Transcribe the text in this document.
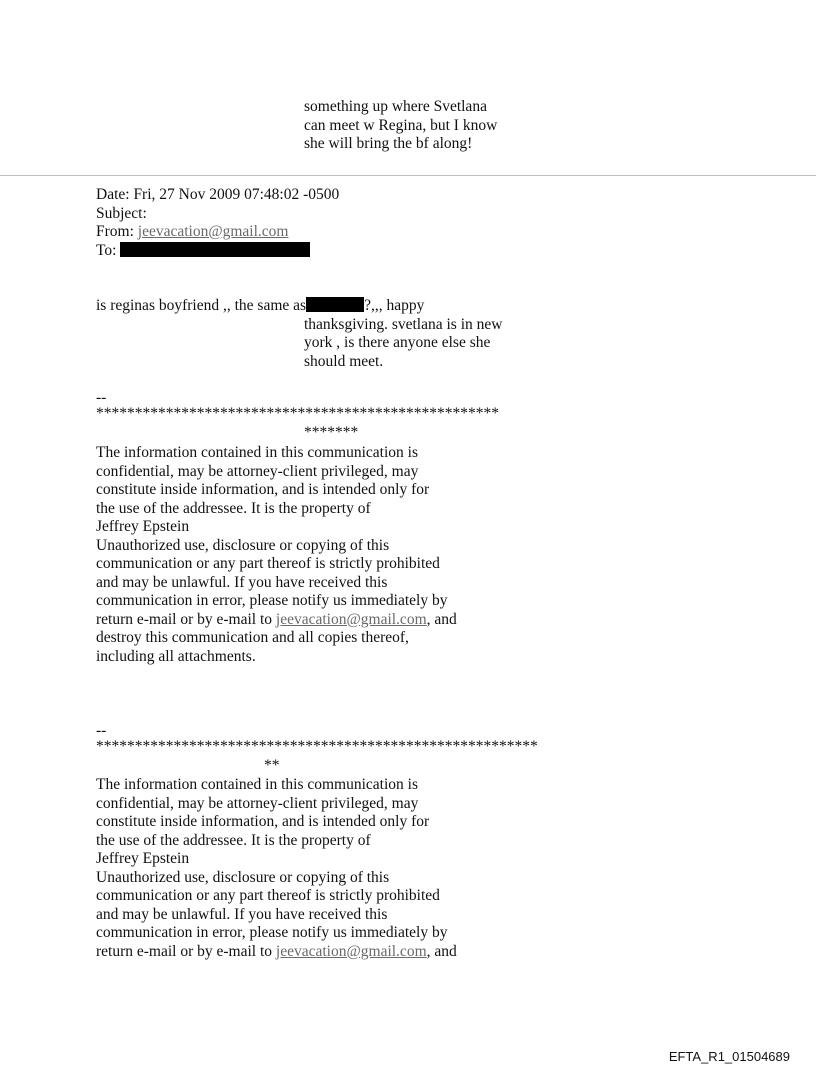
something up where Svetlana
can meet w Regina, but I know
she will bring the bf along!
Date: Fri, 27 Nov 2009 07:48:02 -0500
Subject:
From: jeevacation@gmail.com
To:
is reginas boyfriend ,, the same as	?,,, happy
thanksgiving. svetlana is in new
york , is there anyone else she
should meet.
--
****************************************************
*******
The information contained in this communication is
confidential, may be attorney-client privileged, may
constitute inside information, and is intended only for
the use of the addressee. It is the property of
Jeffrey Epstein
Unauthorized use, disclosure or copying of this
communication or any part thereof is strictly prohibited
and may be unlawful. If you have received this
communication in error, please notify us immediately by
return e-mail or by e-mail to jeevacation@gmail.com, and
destroy this communication and all copies thereof,
including all attachments.
--
*********************************************************
**
The information contained in this communication is
confidential, may be attorney-client privileged, may
constitute inside information, and is intended only for
the use of the addressee. It is the property of
Jeffrey Epstein
Unauthorized use, disclosure or copying of this
communication or any part thereof is strictly prohibited
and may be unlawful. If you have received this
communication in error, please notify us immediately by
return e-mail or by e-mail to jeevacation@gmail.com, and
EFTA_R1_01504689
